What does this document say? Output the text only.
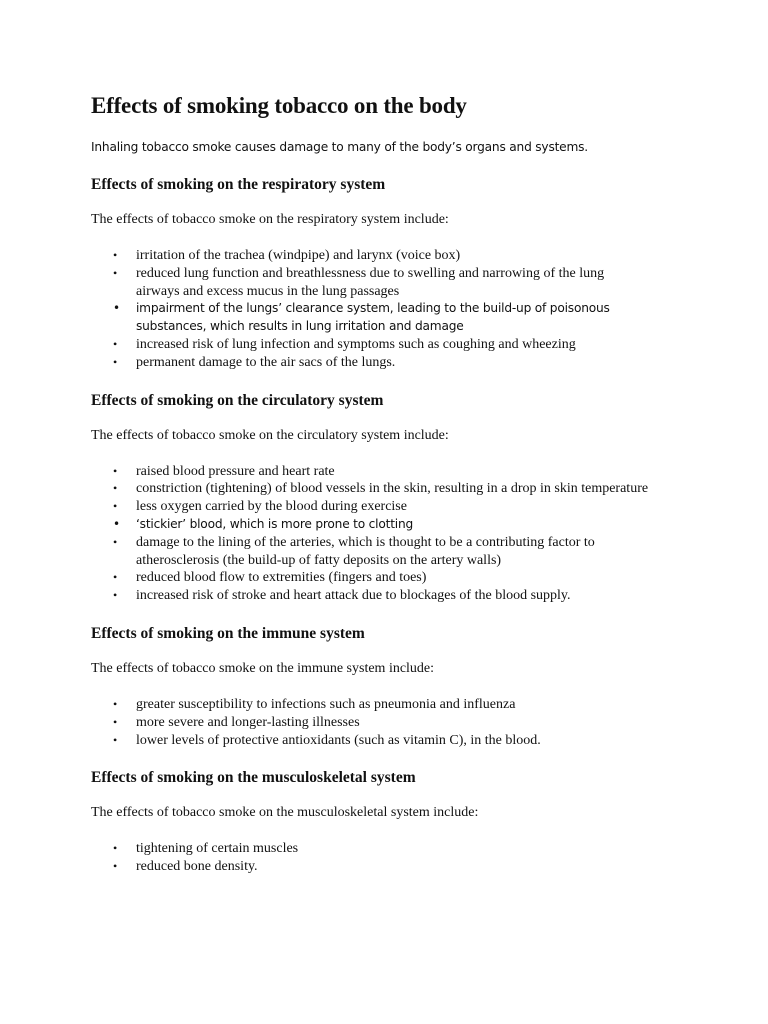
Effects of smoking tobacco on the body

Inhaling tobacco smoke causes damage to many of the body’s organs and systems.

Effects of smoking on the respiratory system

The effects of tobacco smoke on the respiratory system include:

• irritation of the trachea (windpipe) and larynx (voice box)
• reduced lung function and breathlessness due to swelling and narrowing of the lung airways and excess mucus in the lung passages
• impairment of the lungs’ clearance system, leading to the build-up of poisonous substances, which results in lung irritation and damage
• increased risk of lung infection and symptoms such as coughing and wheezing
• permanent damage to the air sacs of the lungs.
Effects of smoking on the circulatory system

The effects of tobacco smoke on the circulatory system include:

• raised blood pressure and heart rate
• constriction (tightening) of blood vessels in the skin, resulting in a drop in skin temperature
• less oxygen carried by the blood during exercise
• ‘stickier’ blood, which is more prone to clotting
• damage to the lining of the arteries, which is thought to be a contributing factor to atherosclerosis (the build-up of fatty deposits on the artery walls)
• reduced blood flow to extremities (fingers and toes)
• increased risk of stroke and heart attack due to blockages of the blood supply.
Effects of smoking on the immune system

The effects of tobacco smoke on the immune system include:

• greater susceptibility to infections such as pneumonia and influenza
• more severe and longer-lasting illnesses
• lower levels of protective antioxidants (such as vitamin C), in the blood.
Effects of smoking on the musculoskeletal system

The effects of tobacco smoke on the musculoskeletal system include:

• tightening of certain muscles
• reduced bone density.
